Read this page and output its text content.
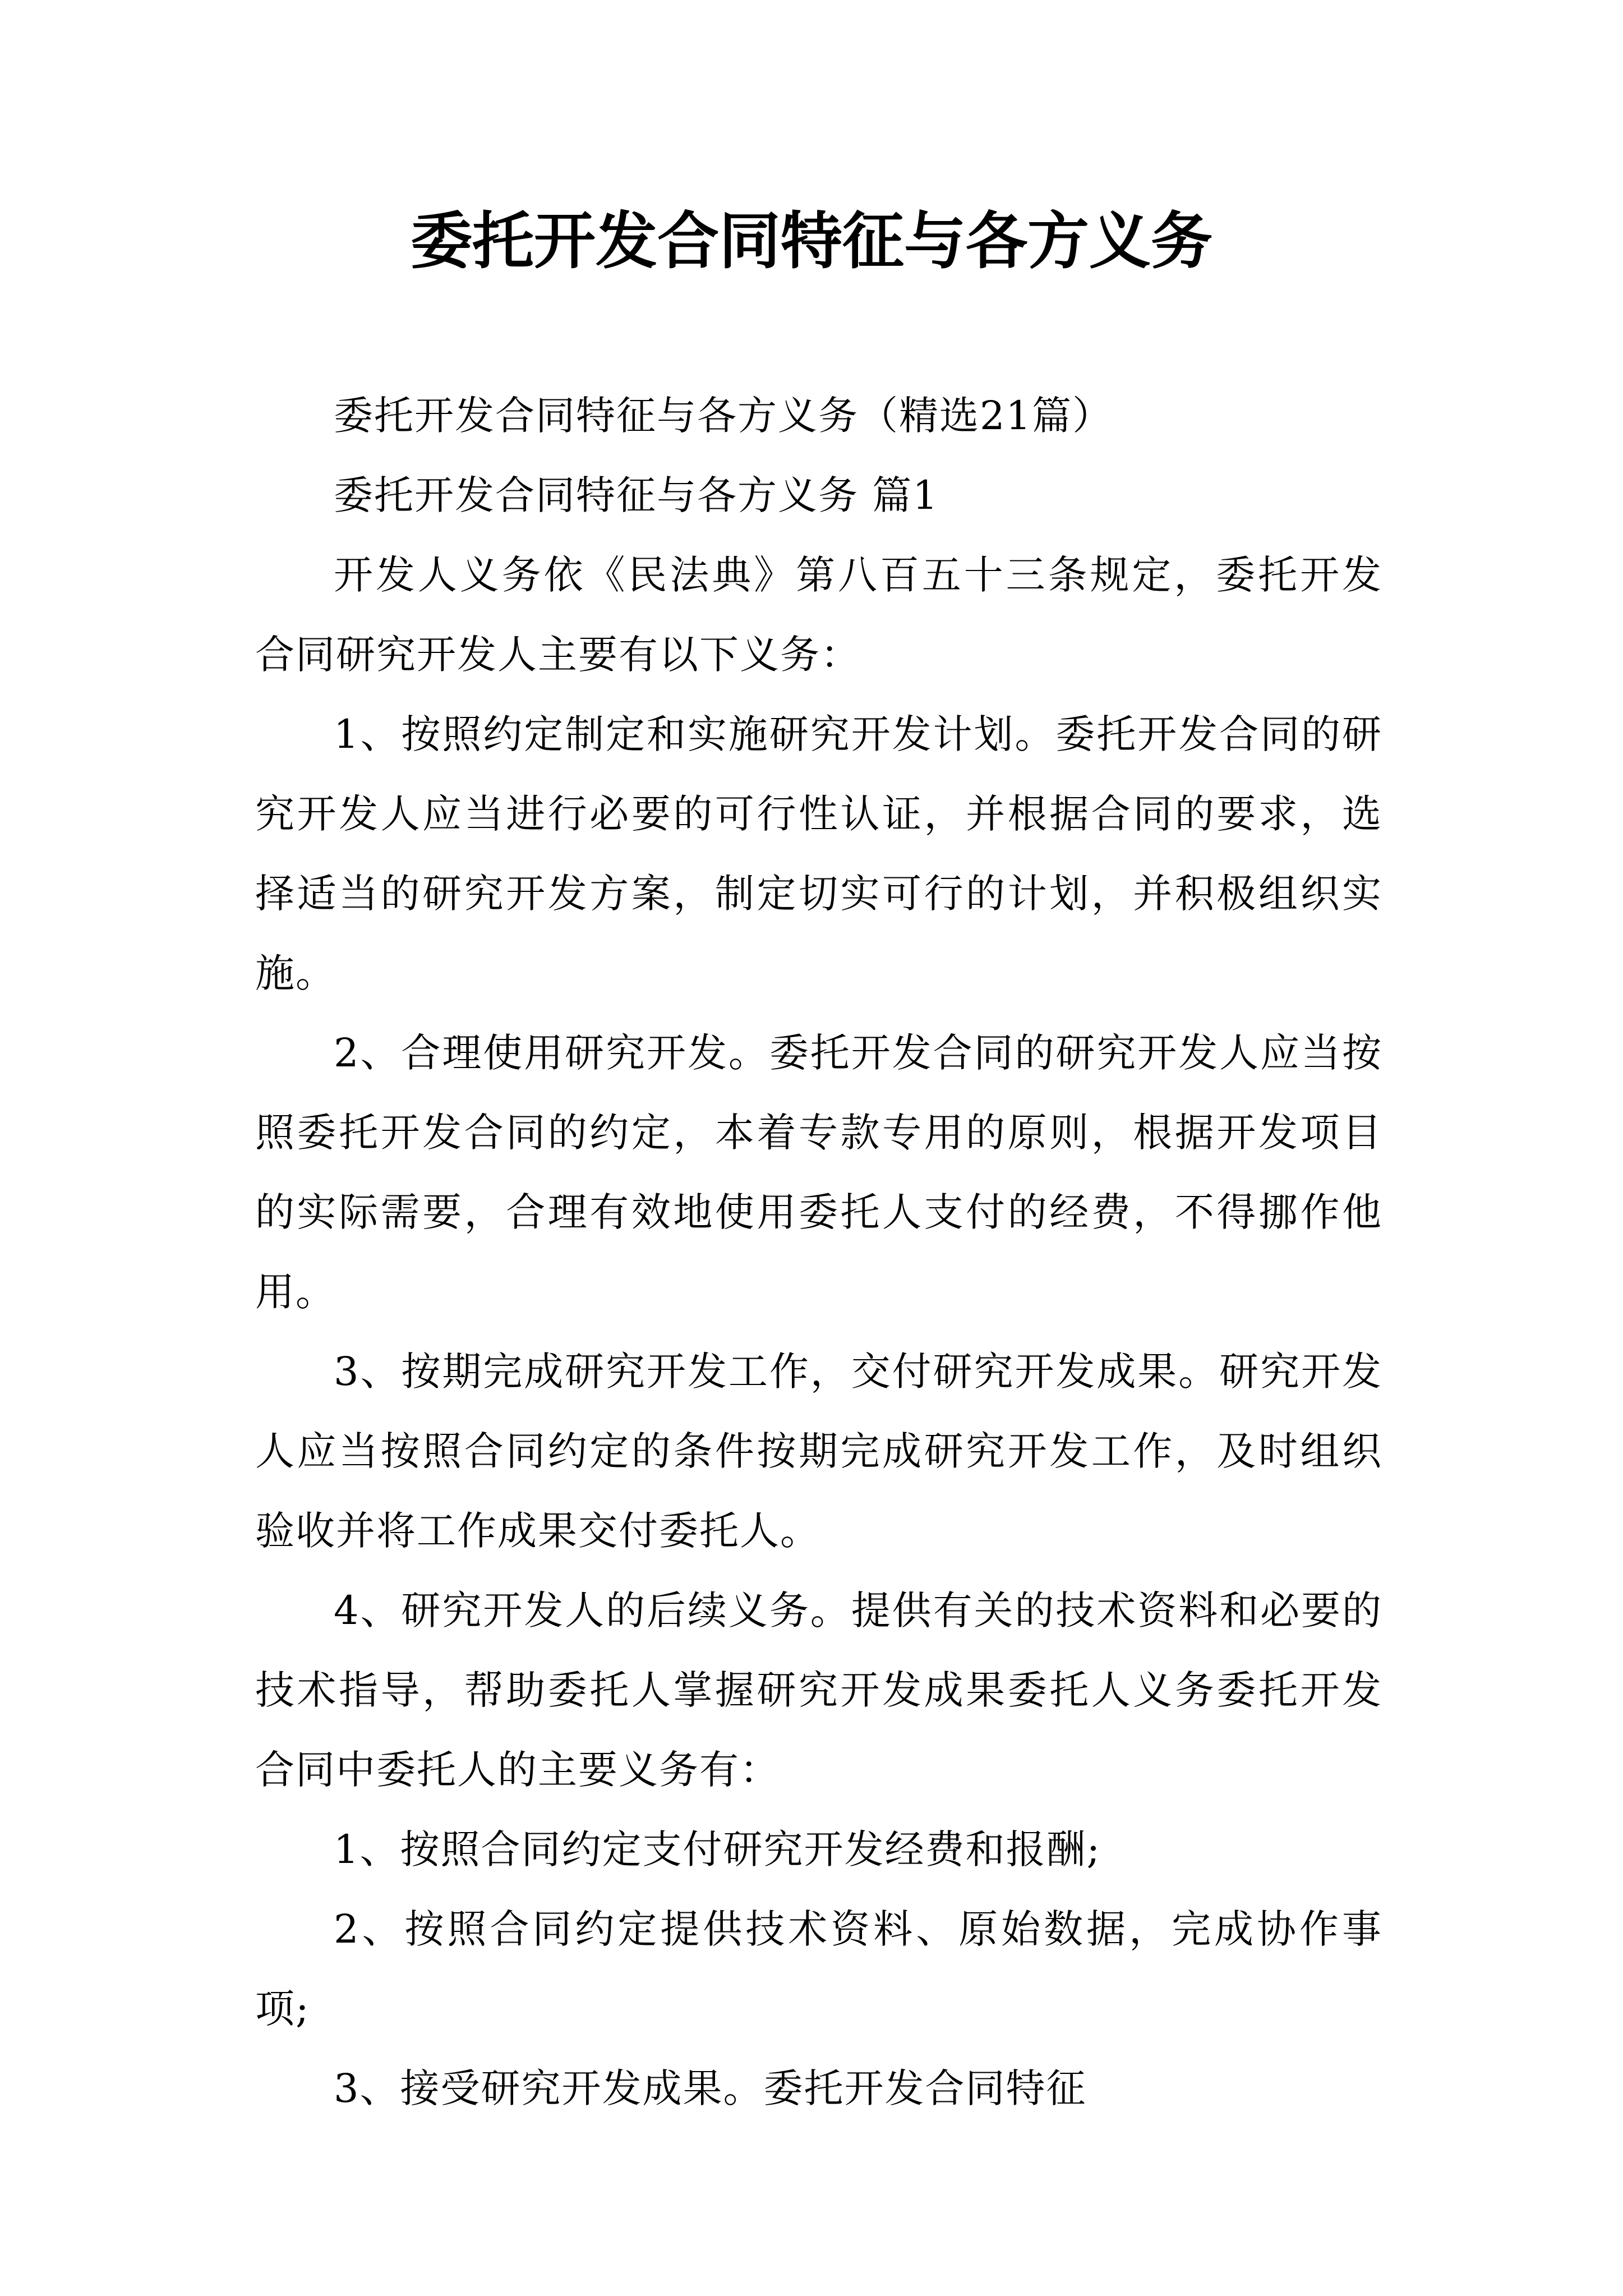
委托开发合同特征与各方义务

委托开发合同特征与各方义务（精选21篇）

委托开发合同特征与各方义务 篇1

开发人义务依《民法典》第八百五十三条规定，委托开发合同研究开发人主要有以下义务：

1、按照约定制定和实施研究开发计划。委托开发合同的研究开发人应当进行必要的可行性认证，并根据合同的要求，选择适当的研究开发方案，制定切实可行的计划，并积极组织实施。

2、合理使用研究开发。委托开发合同的研究开发人应当按照委托开发合同的约定，本着专款专用的原则，根据开发项目的实际需要，合理有效地使用委托人支付的经费，不得挪作他用。

3、按期完成研究开发工作，交付研究开发成果。研究开发人应当按照合同约定的条件按期完成研究开发工作，及时组织验收并将工作成果交付委托人。

4、研究开发人的后续义务。提供有关的技术资料和必要的技术指导，帮助委托人掌握研究开发成果委托人义务委托开发合同中委托人的主要义务有：

1、按照合同约定支付研究开发经费和报酬;

2、按照合同约定提供技术资料、原始数据，完成协作事项;

3、接受研究开发成果。委托开发合同特征
